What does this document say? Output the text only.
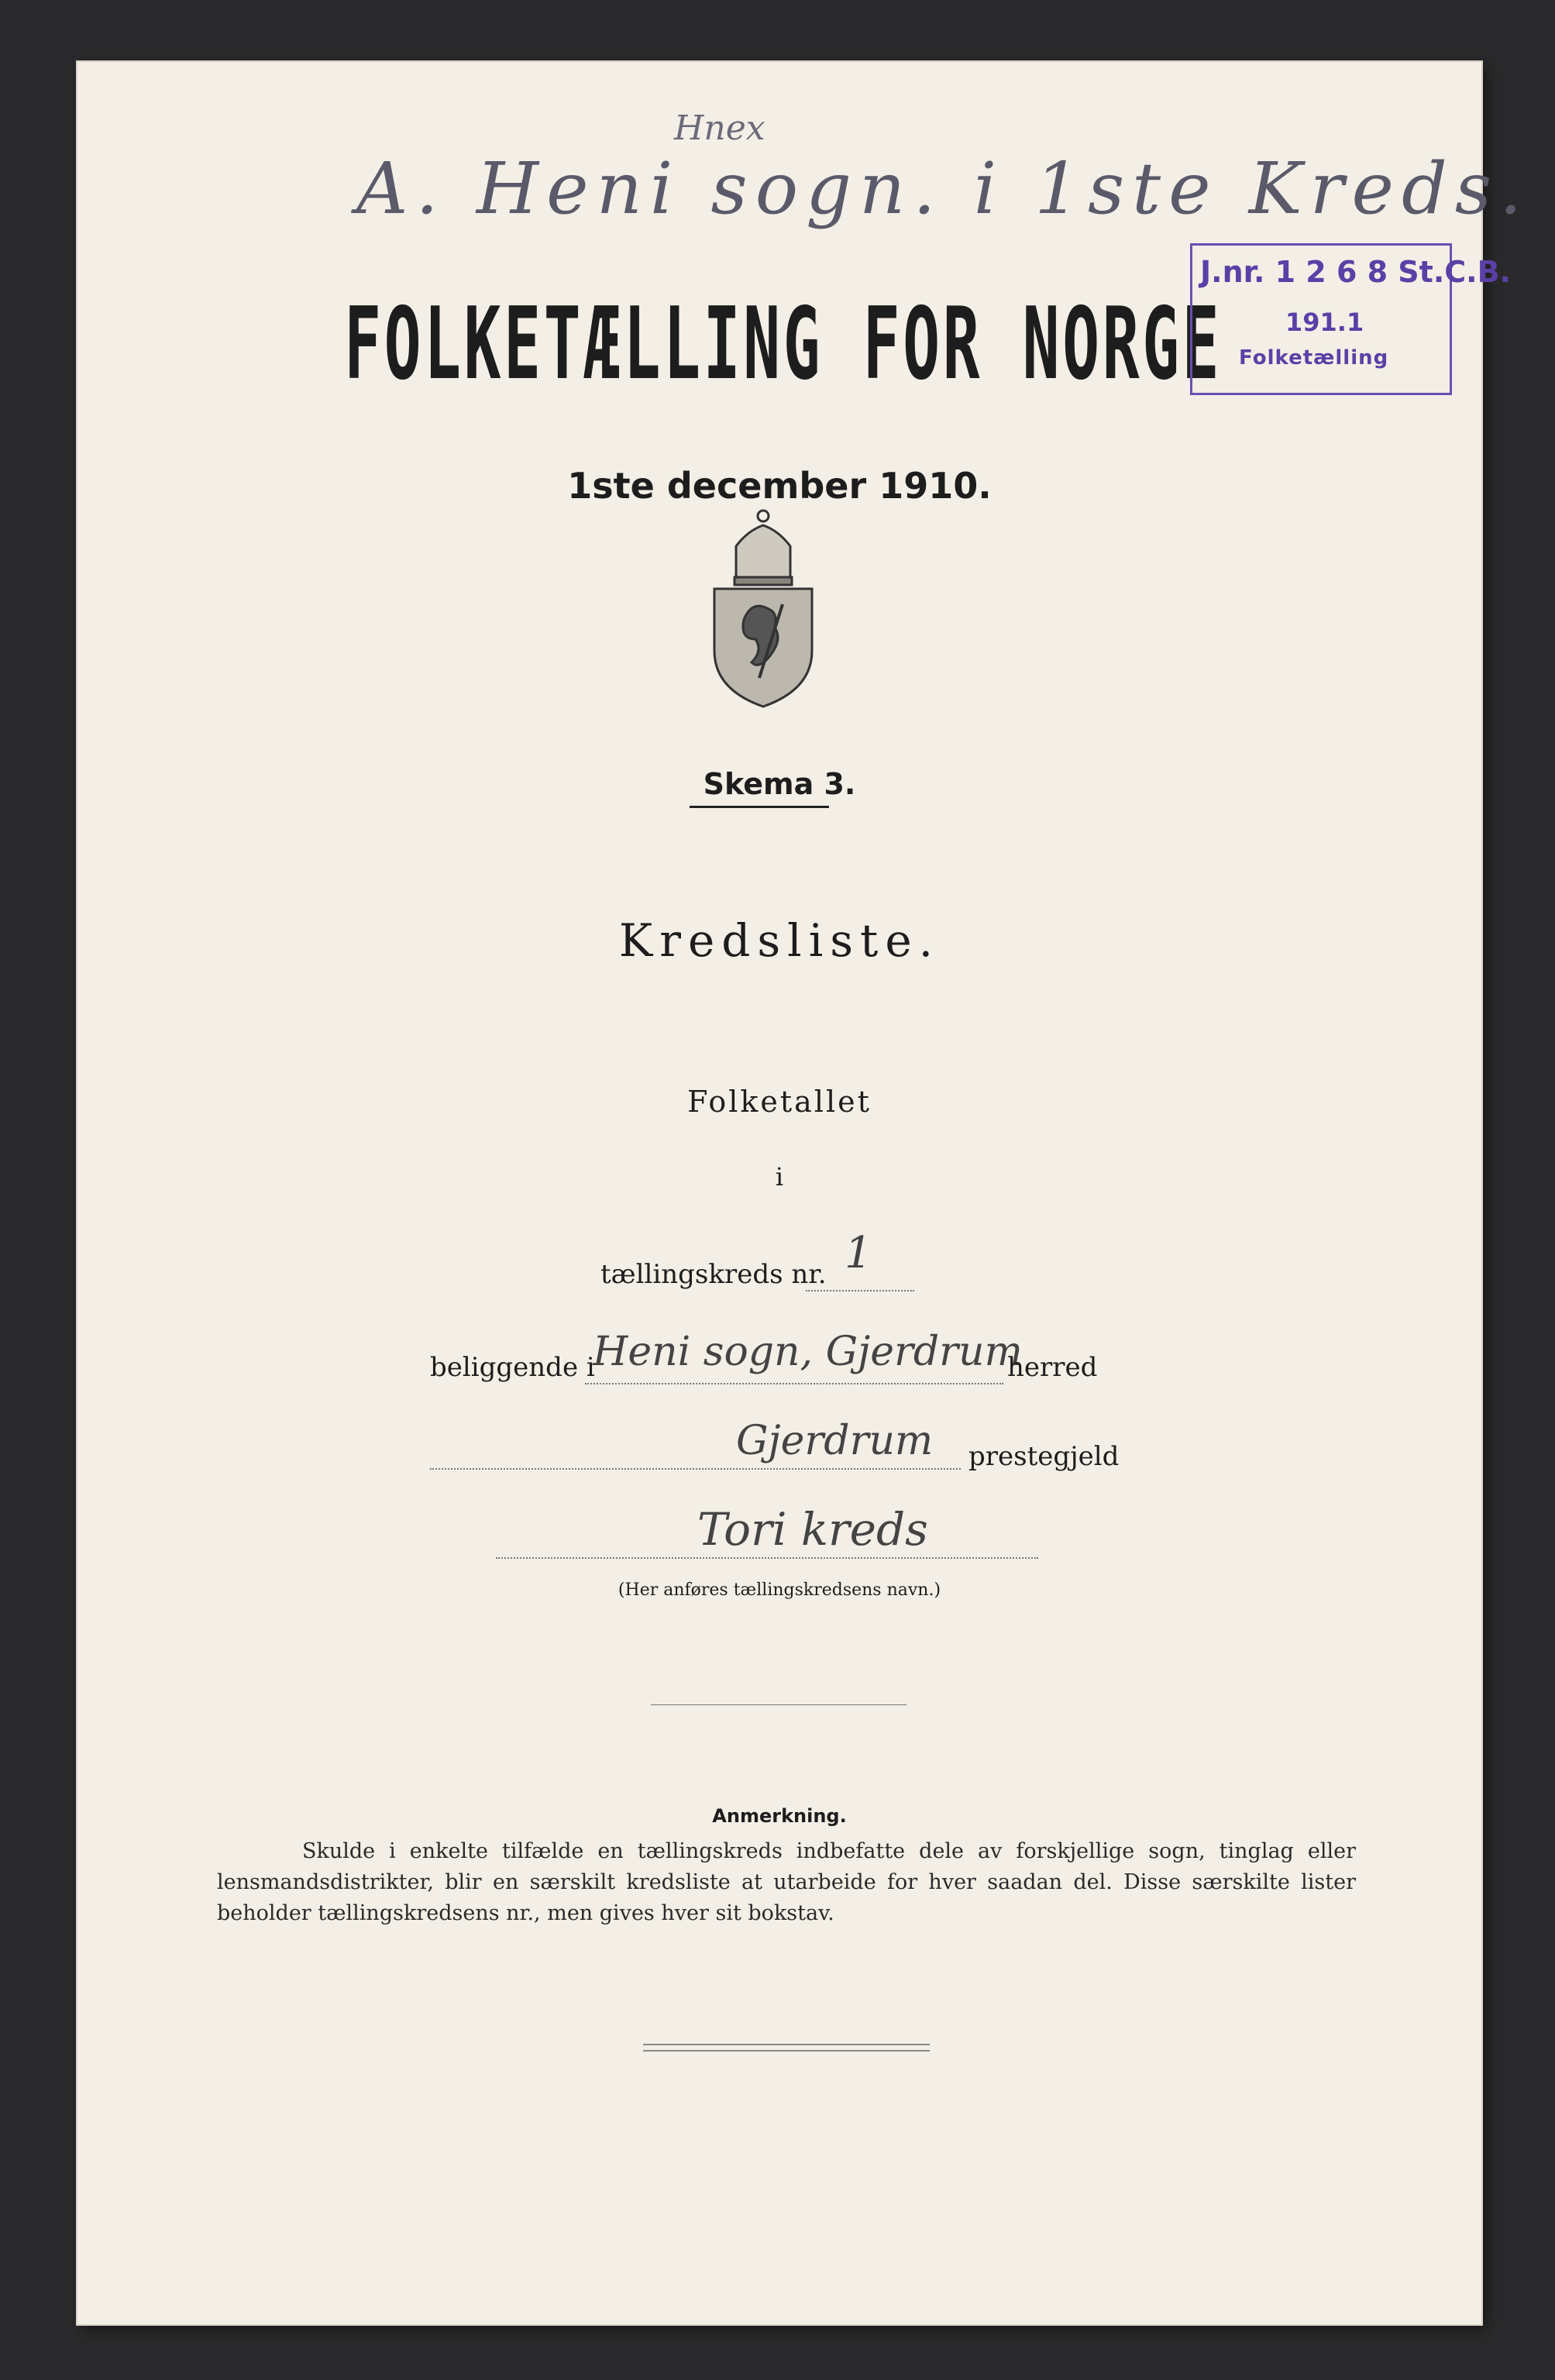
Hnex
A. Heni sogn. i 1ste Kreds.
FOLKETÆLLING FOR NORGE
J.nr. 1 2 6 8 St.C.B.
191.1
Folketælling
1ste december 1910.
Skema 3.
Kredsliste.
Folketallet
i
tællingskreds nr. 1
beliggende i
Heni sogn, Gjerdrum
herred
Gjerdrum prestegjeld
Tori kreds
(Her anføres tællingskredsens navn.)
Anmerkning.
Skulde i enkelte tilfælde en tællingskreds indbefatte dele av forskjellige sogn, tinglag eller lensmandsdistrikter, blir en særskilt kredsliste at utarbeide for hver saadan del. Disse særskilte lister beholder tællingskredsens nr., men gives hver sit bokstav.
